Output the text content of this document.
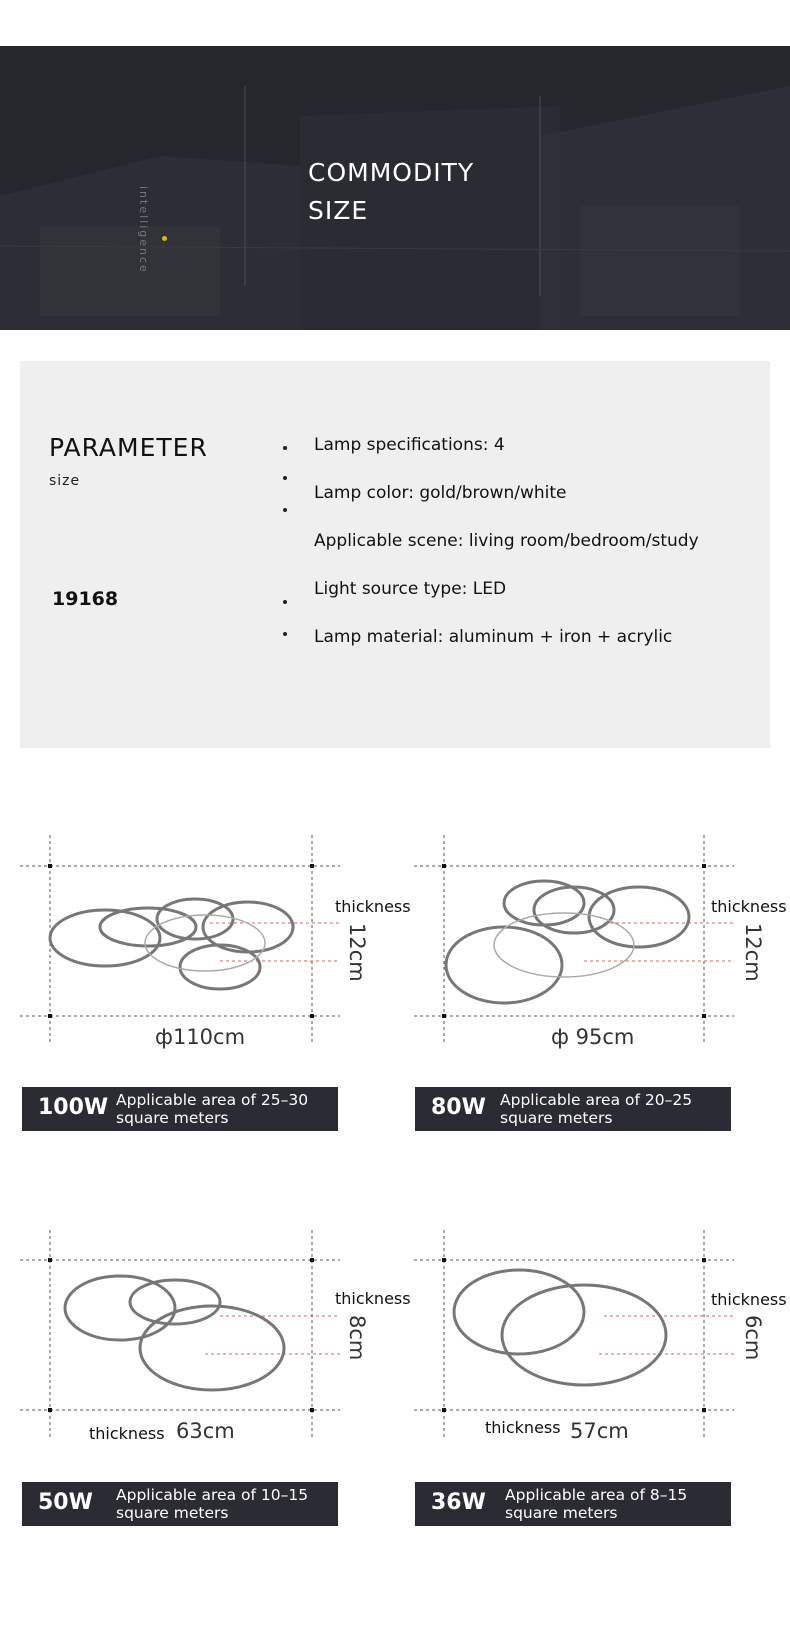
intelligence
COMMODITY
SIZE
PARAMETER
size
19168
Lamp specifications: 4
Lamp color: gold/brown/white
Applicable scene: living room/bedroom/study
Light source type: LED
Lamp material: aluminum + iron + acrylic
thickness
12cm
ф110cm
100W Applicable area of 25–30
square meters
thickness
12cm
ф 95cm
80W Applicable area of 20–25
square meters
thickness
8cm
thickness 63cm
50W Applicable area of 10–15
square meters
thickness
6cm
thickness 57cm
36W Applicable area of 8–15
square meters
